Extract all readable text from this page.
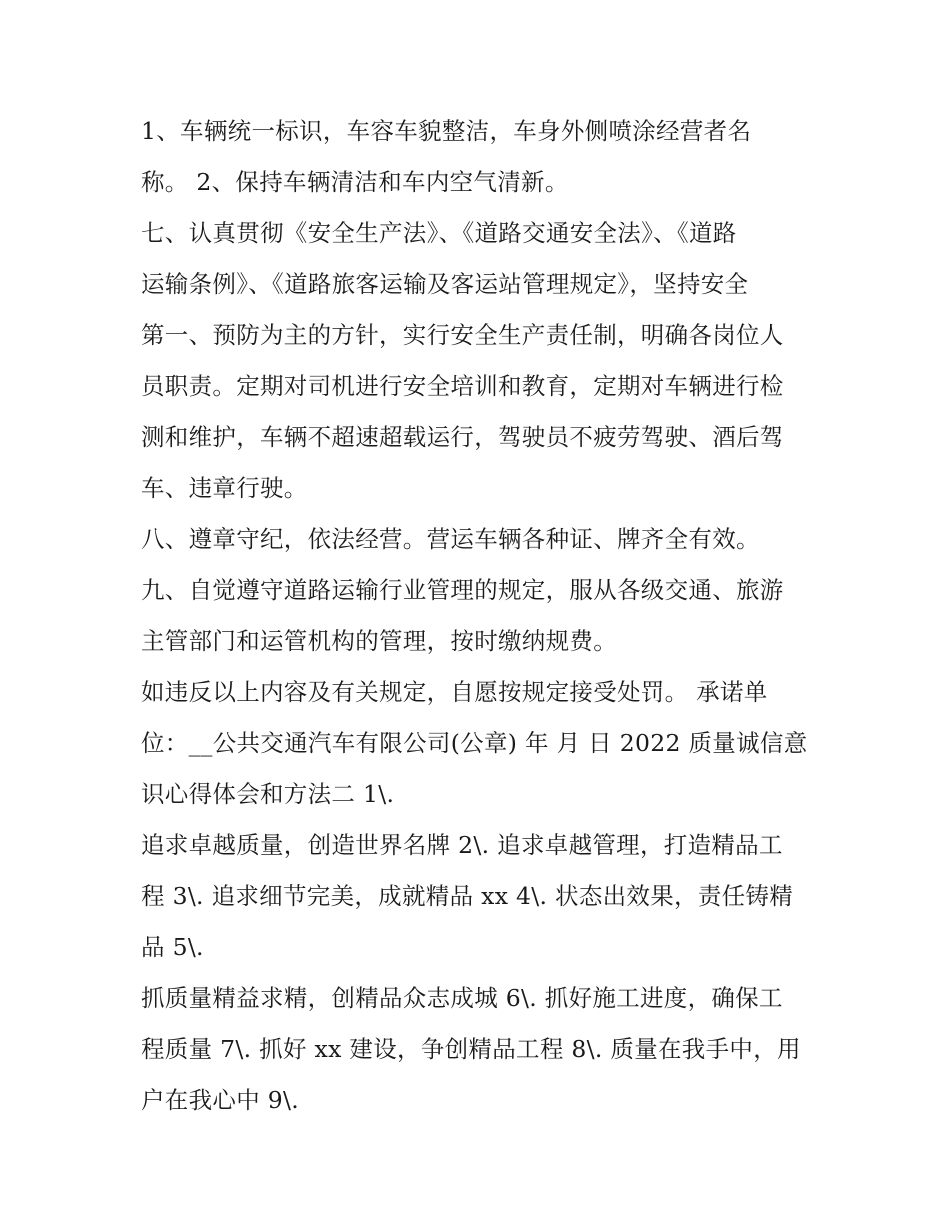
1、车辆统一标识，车容车貌整洁，车身外侧喷涂经营者名
称。 2、保持车辆清洁和车内空气清新。
七、认真贯彻《安全生产法》、《道路交通安全法》、《道路
运输条例》、《道路旅客运输及客运站管理规定》，坚持安全
第一、预防为主的方针，实行安全生产责任制，明确各岗位人
员职责。定期对司机进行安全培训和教育，定期对车辆进行检
测和维护，车辆不超速超载运行，驾驶员不疲劳驾驶、酒后驾
车、违章行驶。
八、遵章守纪，依法经营。营运车辆各种证、牌齐全有效。
九、自觉遵守道路运输行业管理的规定，服从各级交通、旅游
主管部门和运管机构的管理，按时缴纳规费。
如违反以上内容及有关规定，自愿按规定接受处罚。 承诺单
位：__公共交通汽车有限公司(公章) 年 月 日 2022 质量诚信意
识心得体会和方法二 1\.
追求卓越质量，创造世界名牌 2\. 追求卓越管理，打造精品工
程 3\. 追求细节完美，成就精品 xx 4\. 状态出效果，责任铸精
品 5\.
抓质量精益求精，创精品众志成城 6\. 抓好施工进度，确保工
程质量 7\. 抓好 xx 建设，争创精品工程 8\. 质量在我手中，用
户在我心中 9\.
